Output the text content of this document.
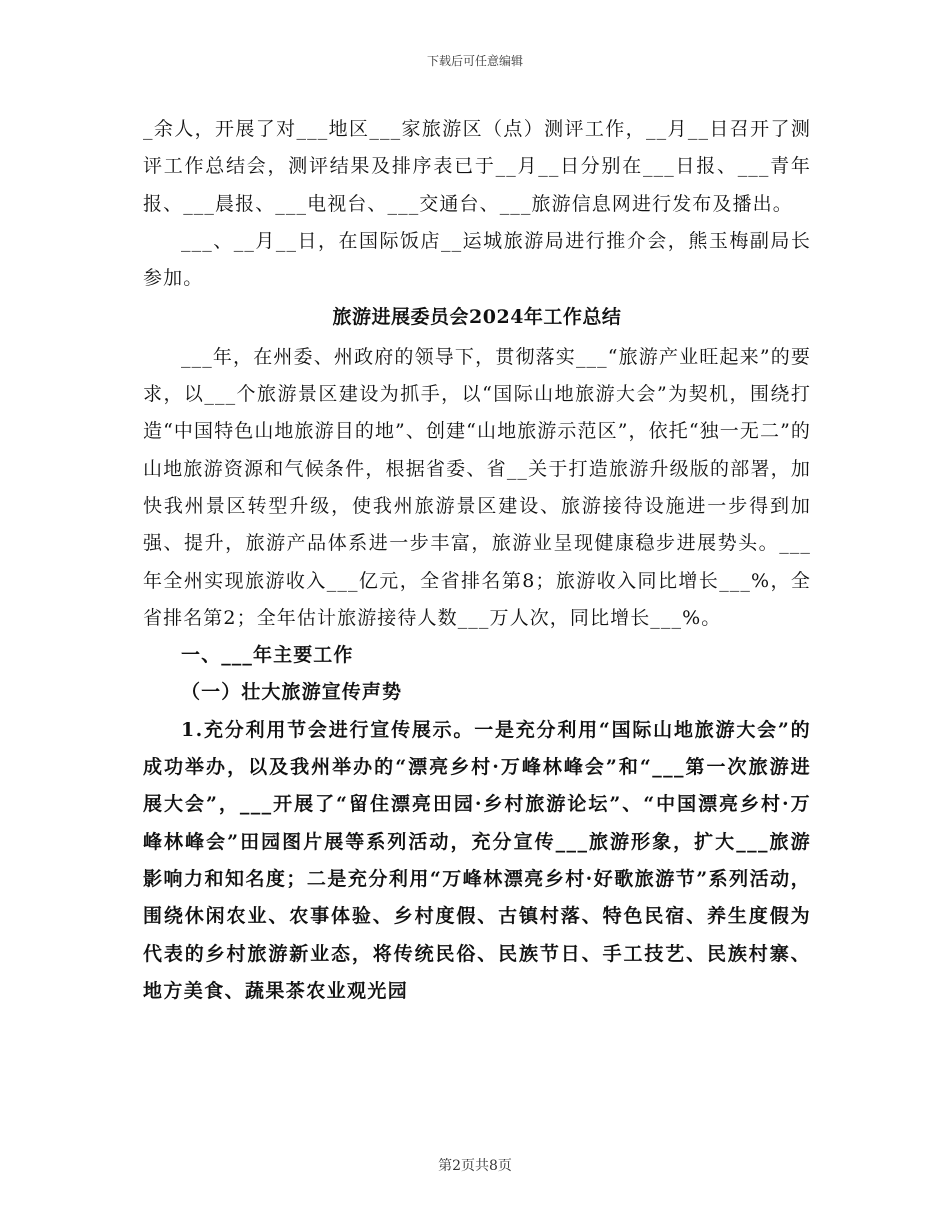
下载后可任意编辑

_余人，开展了对___地区___家旅游区（点）测评工作，__月__日召开了测评工作总结会，测评结果及排序表已于__月__日分别在___日报、___青年报、___晨报、___电视台、___交通台、___旅游信息网进行发布及播出。

___、__月__日，在国际饭店__运城旅游局进行推介会，熊玉梅副局长参加。

旅游进展委员会2024年工作总结

___年，在州委、州政府的领导下，贯彻落实___“旅游产业旺起来”的要求，以___个旅游景区建设为抓手，以“国际山地旅游大会”为契机，围绕打造“中国特色山地旅游目的地”、创建“山地旅游示范区”，依托“独一无二”的山地旅游资源和气候条件，根据省委、省__关于打造旅游升级版的部署，加快我州景区转型升级，使我州旅游景区建设、旅游接待设施进一步得到加强、提升，旅游产品体系进一步丰富，旅游业呈现健康稳步进展势头。___年全州实现旅游收入___亿元，全省排名第8；旅游收入同比增长___%，全省排名第2；全年估计旅游接待人数___万人次，同比增长___%。

一、___年主要工作

（一）壮大旅游宣传声势

1.充分利用节会进行宣传展示。一是充分利用“国际山地旅游大会”的成功举办，以及我州举办的“漂亮乡村·万峰林峰会”和“___第一次旅游进展大会”，___开展了“留住漂亮田园·乡村旅游论坛”、“中国漂亮乡村·万峰林峰会”田园图片展等系列活动，充分宣传___旅游形象，扩大___旅游影响力和知名度；二是充分利用“万峰林漂亮乡村·好歌旅游节”系列活动，围绕休闲农业、农事体验、乡村度假、古镇村落、特色民宿、养生度假为代表的乡村旅游新业态，将传统民俗、民族节日、手工技艺、民族村寨、地方美食、蔬果茶农业观光园

第2页共8页
